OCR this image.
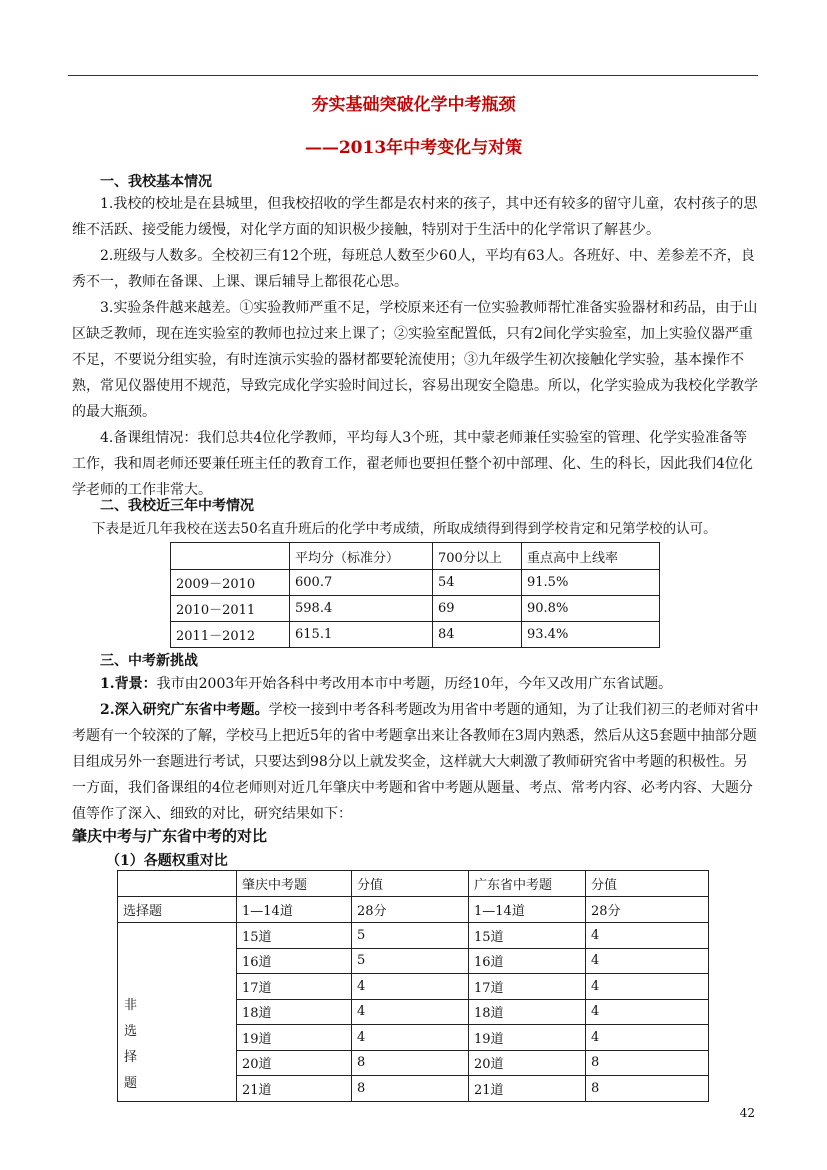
夯实基础突破化学中考瓶颈
——2013年中考变化与对策
一、我校基本情况

1.我校的校址是在县城里，但我校招收的学生都是农村来的孩子，其中还有较多的留守儿童，农村孩子的思维不活跃、接受能力缓慢，对化学方面的知识极少接触，特别对于生活中的化学常识了解甚少。

2.班级与人数多。全校初三有12个班，每班总人数至少60人，平均有63人。各班好、中、差参差不齐，良秀不一，教师在备课、上课、课后辅导上都很花心思。

3.实验条件越来越差。①实验教师严重不足，学校原来还有一位实验教师帮忙准备实验器材和药品，由于山区缺乏教师，现在连实验室的教师也拉过来上课了；②实验室配置低，只有2间化学实验室，加上实验仪器严重不足，不要说分组实验，有时连演示实验的器材都要轮流使用；③九年级学生初次接触化学实验，基本操作不熟，常见仪器使用不规范，导致完成化学实验时间过长，容易出现安全隐患。所以，化学实验成为我校化学教学的最大瓶颈。

4.备课组情况：我们总共4位化学教师，平均每人3个班，其中蒙老师兼任实验室的管理、化学实验准备等工作，我和周老师还要兼任班主任的教育工作，翟老师也要担任整个初中部理、化、生的科长，因此我们4位化学老师的工作非常大。

二、我校近三年中考情况
下表是近几年我校在送去50名直升班后的化学中考成绩，所取成绩得到得到学校肯定和兄第学校的认可。
	平均分（标准分）	700分以上	重点高中上线率
2009－2010	600.7	54	91.5%
2010－2011	598.4	69	90.8%
2011－2012	615.1	84	93.4%
三、中考新挑战

1.背景：我市由2003年开始各科中考改用本市中考题，历经10年，今年又改用广东省试题。

2.深入研究广东省中考题。学校一接到中考各科考题改为用省中考题的通知，为了让我们初三的老师对省中考题有一个较深的了解，学校马上把近5年的省中考题拿出来让各教师在3周内熟悉，然后从这5套题中抽部分题目组成另外一套题进行考试，只要达到98分以上就发奖金，这样就大大刺激了教师研究省中考题的积极性。另一方面，我们备课组的4位老师则对近几年肇庆中考题和省中考题从题量、考点、常考内容、必考内容、大题分值等作了深入、细致的对比，研究结果如下：

肇庆中考与广东省中考的对比
（1）各题权重对比
	肇庆中考题	分值	广东省中考题	分值
选择题	1—14道	28分	1—14道	28分

非
选
择
题	15道	5	15道	4
	16道	5	16道	4
	17道	4	17道	4
	18道	4	18道	4
	19道	4	19道	4
	20道	8	20道	8
	21道	8	21道	8
42
